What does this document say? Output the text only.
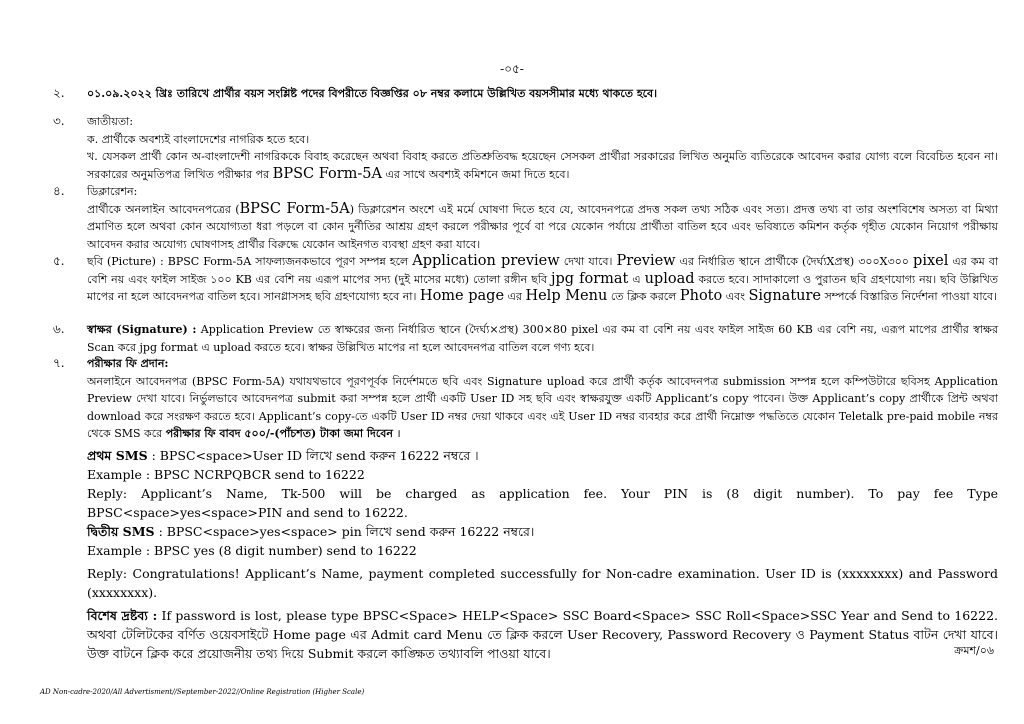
-০৫-
২. ০১.০৯.২০২২ খ্রিঃ তারিখে প্রার্থীর বয়স সংশ্লিষ্ট পদের বিপরীতে বিজ্ঞপ্তির ০৮ নম্বর কলামে উল্লিখিত বয়সসীমার মধ্যে থাকতে হবে।

৩. জাতীয়তা:

ক. প্রার্থীকে অবশ্যই বাংলাদেশের নাগরিক হতে হবে।

খ. যেসকল প্রার্থী কোন অ-বাংলাদেশী নাগরিককে বিবাহ করেছেন অথবা বিবাহ করতে প্রতিশ্রুতিবদ্ধ হয়েছেন সেসকল প্রার্থীরা সরকারের লিখিত অনুমতি ব্যতিরেকে আবেদন করার যোগ্য বলে বিবেচিত হবেন না। সরকারের অনুমতিপত্র লিখিত পরীক্ষার পর BPSC Form-5A এর সাথে অবশ্যই কমিশনে জমা দিতে হবে।

৪. ডিক্লারেশন:

প্রার্থীকে অনলাইন আবেদনপত্রের (BPSC Form-5A) ডিক্লারেশন অংশে এই মর্মে ঘোষণা দিতে হবে যে, আবেদনপত্রে প্রদত্ত সকল তথ্য সঠিক এবং সত্য। প্রদত্ত তথ্য বা তার অংশবিশেষ অসত্য বা মিথ্যা প্রমাণিত হলে অথবা কোন অযোগ্যতা ধরা পড়লে বা কোন দুর্নীতির আশ্রয় গ্রহণ করলে পরীক্ষার পূর্বে বা পরে যেকোন পর্যায়ে প্রার্থীতা বাতিল হবে এবং ভবিষ্যতে কমিশন কর্তৃক গৃহীত যেকোন নিয়োগ পরীক্ষায় আবেদন করার অযোগ্য ঘোষণাসহ প্রার্থীর বিরুদ্ধে যেকোন আইনগত ব্যবস্থা গ্রহণ করা যাবে।

৫. ছবি (Picture) : BPSC Form-5A সাফল্যজনকভাবে পূরণ সম্পন্ন হলে Application preview দেখা যাবে। Preview এর নির্ধারিত স্থানে প্রার্থীকে (দৈর্ঘ্যXপ্রস্থ) ৩০০X৩০০ pixel এর কম বা বেশি নয় এবং ফাইল সাইজ ১০০ KB এর বেশি নয় এরূপ মাপের সদ্য (দুই মাসের মধ্যে) তোলা রঙ্গীন ছবি jpg format এ upload করতে হবে। সাদাকালো ও পুরাতন ছবি গ্রহণযোগ্য নয়। ছবি উল্লিখিত মাপের না হলে আবেদনপত্র বাতিল হবে। সানগ্লাসসহ ছবি গ্রহণযোগ্য হবে না। Home page এর Help Menu তে ক্লিক করলে Photo এবং Signature সম্পর্কে বিস্তারিত নির্দেশনা পাওয়া যাবে।

৬. স্বাক্ষর (Signature) : Application Preview তে স্বাক্ষরের জন্য নির্ধারিত স্থানে (দৈর্ঘ্য×প্রস্থ) 300×80 pixel এর কম বা বেশি নয় এবং ফাইল সাইজ 60 KB এর বেশি নয়, এরূপ মাপের প্রার্থীর স্বাক্ষর Scan করে jpg format এ upload করতে হবে। স্বাক্ষর উল্লিখিত মাপের না হলে আবেদনপত্র বাতিল বলে গণ্য হবে।

৭. পরীক্ষার ফি প্রদান:

অনলাইনে আবেদনপত্র (BPSC Form-5A) যথাযথভাবে পূরণপূর্বক নির্দেশমতে ছবি এবং Signature upload করে প্রার্থী কর্তৃক আবেদনপত্র submission সম্পন্ন হলে কম্পিউটারে ছবিসহ Application Preview দেখা যাবে। নির্ভুলভাবে আবেদনপত্র submit করা সম্পন্ন হলে প্রার্থী একটি User ID সহ ছবি এবং স্বাক্ষরযুক্ত একটি Applicant’s copy পাবেন। উক্ত Applicant’s copy প্রার্থীকে প্রিন্ট অথবা download করে সংরক্ষণ করতে হবে। Applicant’s copy-তে একটি User ID নম্বর দেয়া থাকবে এবং এই User ID নম্বর ব্যবহার করে প্রার্থী নিম্নোক্ত পদ্ধতিতে যেকোন Teletalk pre-paid mobile নম্বর থেকে SMS করে পরীক্ষার ফি বাবদ ৫০০/-(পাঁচশত) টাকা জমা দিবেন ।

প্রথম SMS : BPSC<space>User ID লিখে send করুন 16222 নম্বরে ।

Example : BPSC NCRPQBCR send to 16222

Reply: Applicant’s Name, Tk-500 will be charged as application fee. Your PIN is (8 digit number). To pay fee Type BPSC<space>yes<space>PIN and send to 16222.

দ্বিতীয় SMS : BPSC<space>yes<space> pin লিখে send করুন 16222 নম্বরে।

Example : BPSC yes (8 digit number) send to 16222

Reply: Congratulations! Applicant’s Name, payment completed successfully for Non-cadre examination. User ID is (xxxxxxxx) and Password (xxxxxxxx).

বিশেষ দ্রষ্টব্য : If password is lost, please type BPSC<Space> HELP<Space> SSC Board<Space> SSC Roll<Space>SSC Year and Send to 16222. অথবা টেলিটকের বর্ণিত ওয়েবসাইটে Home page এর Admit card Menu তে ক্লিক করলে User Recovery, Password Recovery ও Payment Status বাটন দেখা যাবে। উক্ত বাটনে ক্লিক করে প্রয়োজনীয় তথ্য দিয়ে Submit করলে কাঙ্ক্ষিত তথ্যাবলি পাওয়া যাবে।	ক্রমশ/০৬
AD Non-cadre-2020/All Advertisment//September-2022//Online Registration (Higher Scale)
